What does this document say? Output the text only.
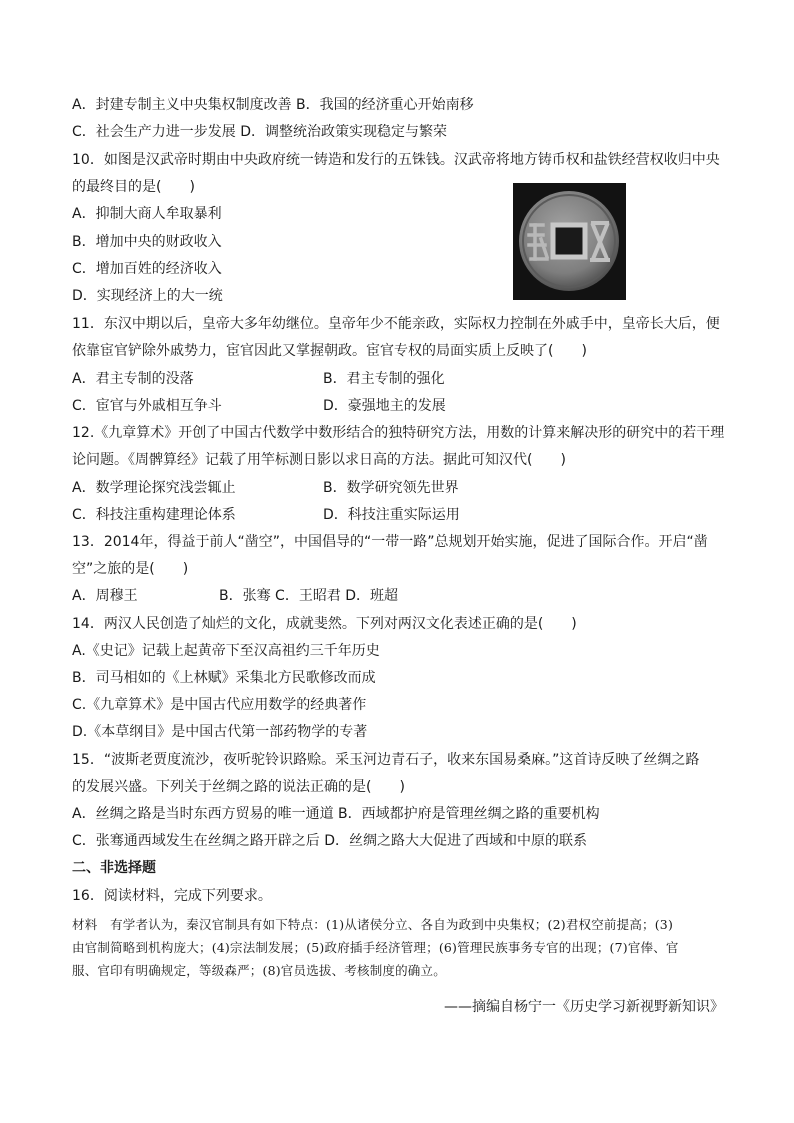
A．封建专制主义中央集权制度改善 B．我国的经济重心开始南移
C．社会生产力进一步发展 D．调整统治政策实现稳定与繁荣
10．如图是汉武帝时期由中央政府统一铸造和发行的五铢钱。汉武帝将地方铸币权和盐铁经营权收归中央
的最终目的是(　　)
A．抑制大商人牟取暴利
B．增加中央的财政收入
C．增加百姓的经济收入
D．实现经济上的大一统
11．东汉中期以后，皇帝大多年幼继位。皇帝年少不能亲政，实际权力控制在外戚手中，皇帝长大后，便
依靠宦官铲除外戚势力，宦官因此又掌握朝政。宦官专权的局面实质上反映了(　　)
A．君主专制的没落	B．君主专制的强化
C．宦官与外戚相互争斗	D．豪强地主的发展
12.《九章算术》开创了中国古代数学中数形结合的独特研究方法，用数的计算来解决形的研究中的若干理
论问题。《周髀算经》记载了用竿标测日影以求日高的方法。据此可知汉代(　　)
A．数学理论探究浅尝辄止	B．数学研究领先世界
C．科技注重构建理论体系	D．科技注重实际运用
13．2014年，得益于前人“凿空”，中国倡导的“一带一路”总规划开始实施，促进了国际合作。开启“凿
空”之旅的是(　　)
A．周穆王	B．张骞 C．王昭君 D．班超
14．两汉人民创造了灿烂的文化，成就斐然。下列对两汉文化表述正确的是(　　)
A.《史记》记载上起黄帝下至汉高祖约三千年历史
B．司马相如的《上林赋》采集北方民歌修改而成
C.《九章算术》是中国古代应用数学的经典著作
D.《本草纲目》是中国古代第一部药物学的专著
15．“波斯老贾度流沙，夜听驼铃识路赊。采玉河边青石子，收来东国易桑麻。”这首诗反映了丝绸之路
的发展兴盛。下列关于丝绸之路的说法正确的是(　　)
A．丝绸之路是当时东西方贸易的唯一通道 B．西域都护府是管理丝绸之路的重要机构
C．张骞通西域发生在丝绸之路开辟之后 D．丝绸之路大大促进了西域和中原的联系
二、非选择题
16．阅读材料，完成下列要求。
材料　有学者认为，秦汉官制具有如下特点：(1)从诸侯分立、各自为政到中央集权；(2)君权空前提高；(3)
由官制简略到机构庞大；(4)宗法制发展；(5)政府插手经济管理；(6)管理民族事务专官的出现；(7)官俸、官
服、官印有明确规定，等级森严；(8)官员选拔、考核制度的确立。
——摘编自杨宁一《历史学习新视野新知识》
